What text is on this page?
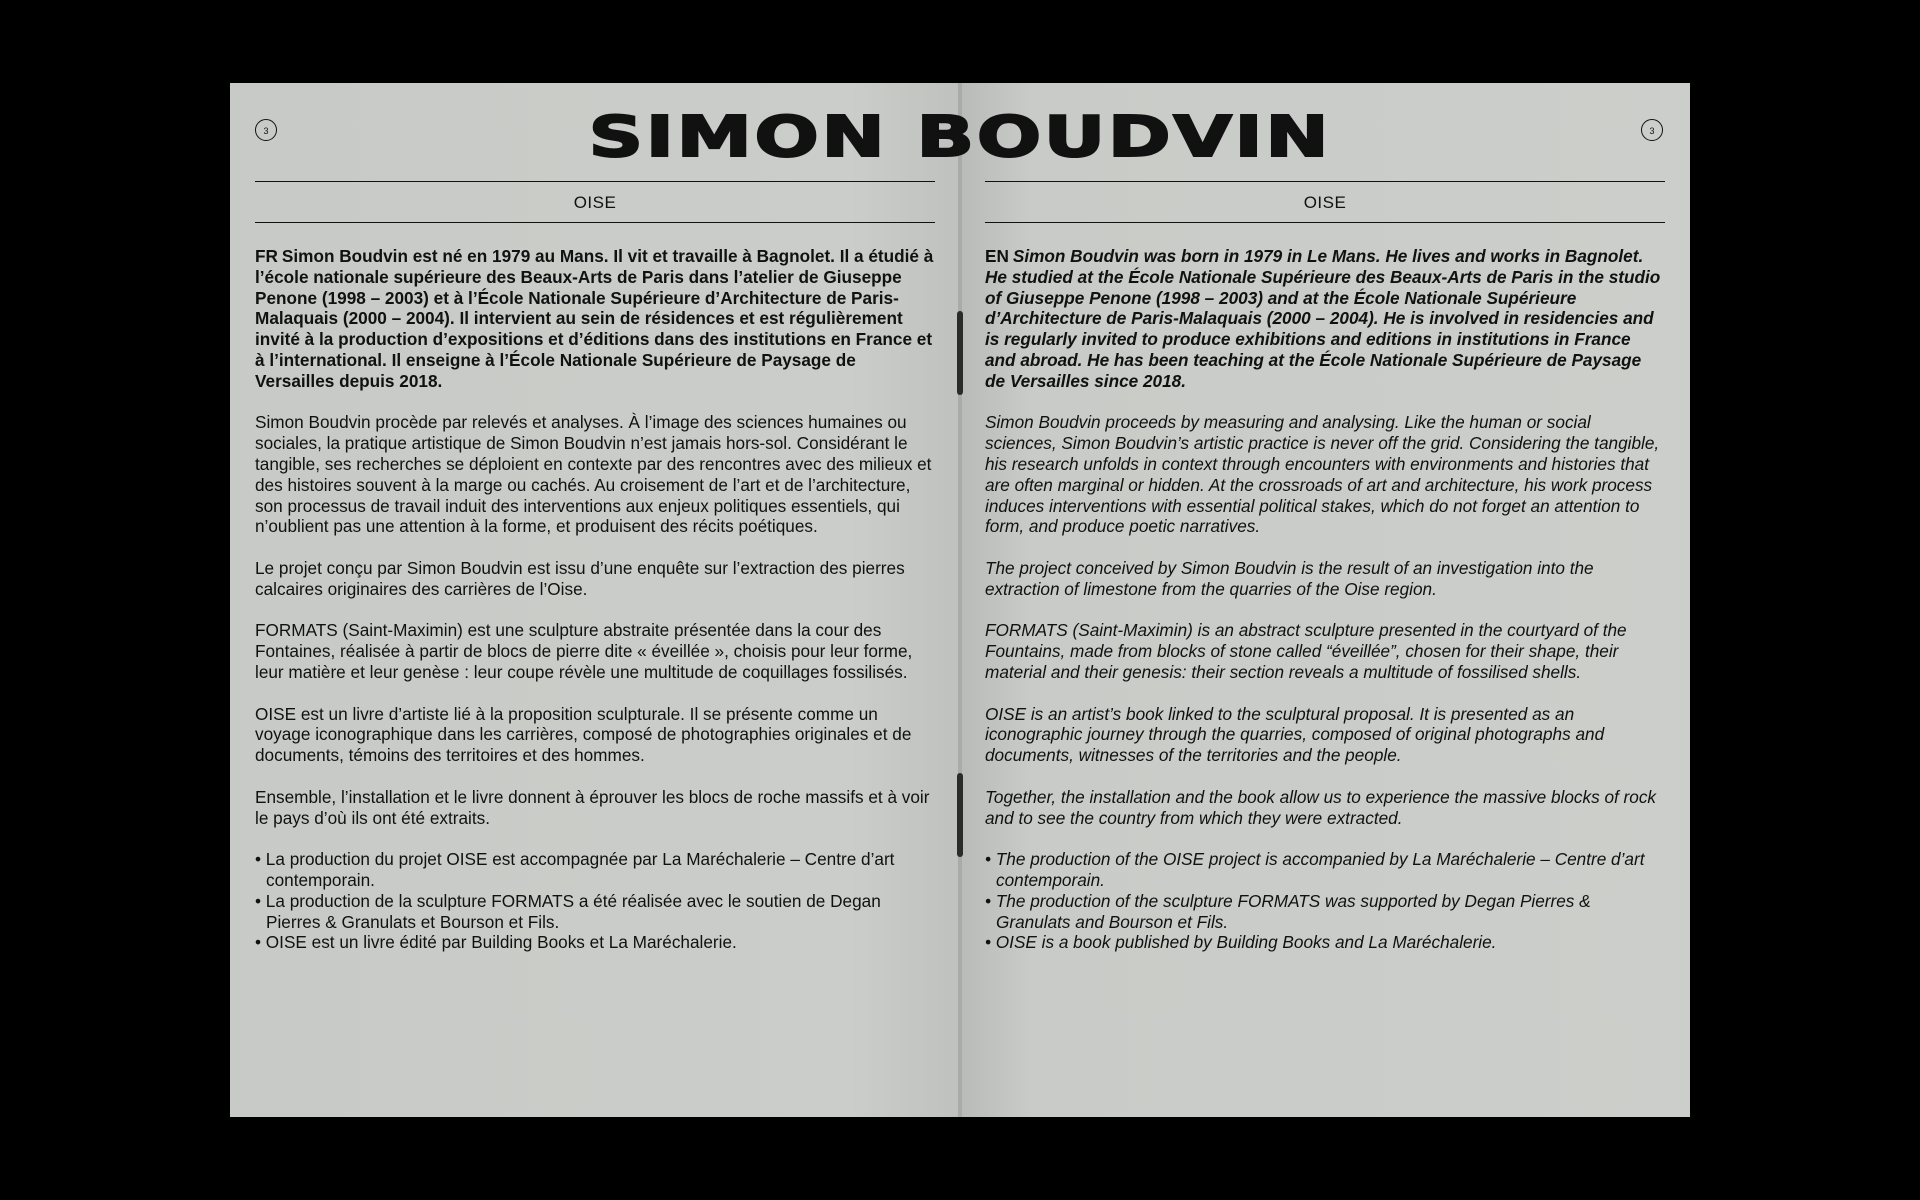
3	3
SIMON BOUDVIN
OISE	OISE

FR Simon Boudvin est né en 1979 au Mans. Il vit et travaille à Bagnolet. Il a étudié à l’école nationale supérieure des Beaux-Arts de Paris dans l’atelier de Giuseppe Penone (1998 – 2003) et à l’École Nationale Supérieure d’Architecture de Paris-Malaquais (2000 – 2004). Il intervient au sein de résidences et est régulièrement invité à la production d’expositions et d’éditions dans des institutions en France et à l’international. Il enseigne à l’École Nationale Supérieure de Paysage de Versailles depuis 2018.

Simon Boudvin procède par relevés et analyses. À l’image des sciences humaines ou sociales, la pratique artistique de Simon Boudvin n’est jamais hors-sol. Considérant le tangible, ses recherches se déploient en contexte par des rencontres avec des milieux et des histoires souvent à la marge ou cachés. Au croisement de l’art et de l’architecture, son processus de travail induit des interventions aux enjeux politiques essentiels, qui n’oublient pas une attention à la forme, et produisent des récits poétiques.

Le projet conçu par Simon Boudvin est issu d’une enquête sur l’extraction des pierres calcaires originaires des carrières de l’Oise.

FORMATS (Saint-Maximin) est une sculpture abstraite présentée dans la cour des Fontaines, réalisée à partir de blocs de pierre dite « éveillée », choisis pour leur forme, leur matière et leur genèse : leur coupe révèle une multitude de coquillages fossilisés.

OISE est un livre d’artiste lié à la proposition sculpturale. Il se présente comme un voyage iconographique dans les carrières, composé de photographies originales et de documents, témoins des territoires et des hommes.

Ensemble, l’installation et le livre donnent à éprouver les blocs de roche massifs et à voir le pays d’où ils ont été extraits.

• La production du projet OISE est accompagnée par La Maréchalerie – Centre d’art contemporain.
• La production de la sculpture FORMATS a été réalisée avec le soutien de Degan Pierres & Granulats et Bourson et Fils.
• OISE est un livre édité par Building Books et La Maréchalerie.

EN Simon Boudvin was born in 1979 in Le Mans. He lives and works in Bagnolet. He studied at the École Nationale Supérieure des Beaux-Arts de Paris in the studio of Giuseppe Penone (1998 – 2003) and at the École Nationale Supérieure d’Architecture de Paris-Malaquais (2000 – 2004). He is involved in residencies and is regularly invited to produce exhibitions and editions in institutions in France and abroad. He has been teaching at the École Nationale Supérieure de Paysage de Versailles since 2018.

Simon Boudvin proceeds by measuring and analysing. Like the human or social sciences, Simon Boudvin’s artistic practice is never off the grid. Considering the tangible, his research unfolds in context through encounters with environments and histories that are often marginal or hidden. At the crossroads of art and architecture, his work process induces interventions with essential political stakes, which do not forget an attention to form, and produce poetic narratives.

The project conceived by Simon Boudvin is the result of an investigation into the extraction of limestone from the quarries of the Oise region.

FORMATS (Saint-Maximin) is an abstract sculpture presented in the courtyard of the Fountains, made from blocks of stone called “éveillée”, chosen for their shape, their material and their genesis: their section reveals a multitude of fossilised shells.

OISE is an artist’s book linked to the sculptural proposal. It is presented as an iconographic journey through the quarries, composed of original photographs and documents, witnesses of the territories and the people.

Together, the installation and the book allow us to experience the massive blocks of rock and to see the country from which they were extracted.

• The production of the OISE project is accompanied by La Maréchalerie – Centre d’art contemporain.
• The production of the sculpture FORMATS was supported by Degan Pierres & Granulats and Bourson et Fils.
• OISE is a book published by Building Books and La Maréchalerie.
